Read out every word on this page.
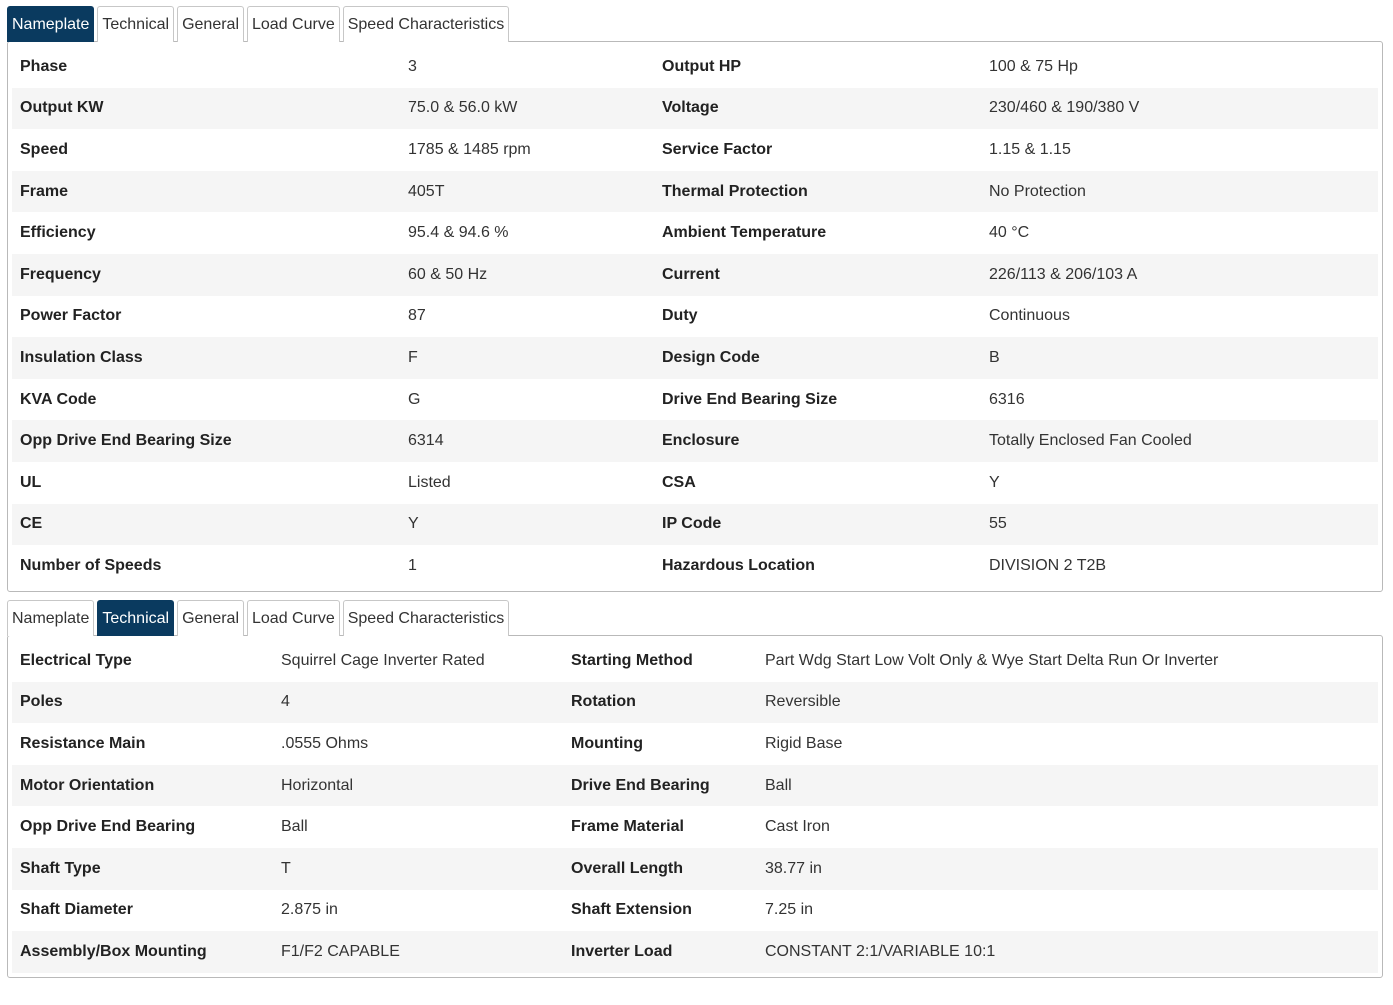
Nameplate Technical General Load Curve Speed Characteristics
Phase	3	Output HP	100 & 75 Hp
Output KW	75.0 & 56.0 kW	Voltage	230/460 & 190/380 V
Speed	1785 & 1485 rpm	Service Factor	1.15 & 1.15
Frame	405T	Thermal Protection	No Protection
Efficiency	95.4 & 94.6 %	Ambient Temperature	40 °C
Frequency	60 & 50 Hz	Current	226/113 & 206/103 A
Power Factor	87	Duty	Continuous
Insulation Class	F	Design Code	B
KVA Code	G	Drive End Bearing Size	6316
Opp Drive End Bearing Size	6314	Enclosure	Totally Enclosed Fan Cooled
UL	Listed	CSA	Y
CE	Y	IP Code	55
Number of Speeds	1	Hazardous Location	DIVISION 2 T2B
Nameplate Technical General Load Curve Speed Characteristics
Electrical Type	Squirrel Cage Inverter Rated	Starting Method	Part Wdg Start Low Volt Only & Wye Start Delta Run Or Inverter
Poles	4	Rotation	Reversible
Resistance Main	.0555 Ohms	Mounting	Rigid Base
Motor Orientation	Horizontal	Drive End Bearing	Ball
Opp Drive End Bearing	Ball	Frame Material	Cast Iron
Shaft Type	T	Overall Length	38.77 in
Shaft Diameter	2.875 in	Shaft Extension	7.25 in
Assembly/Box Mounting	F1/F2 CAPABLE	Inverter Load	CONSTANT 2:1/VARIABLE 10:1
